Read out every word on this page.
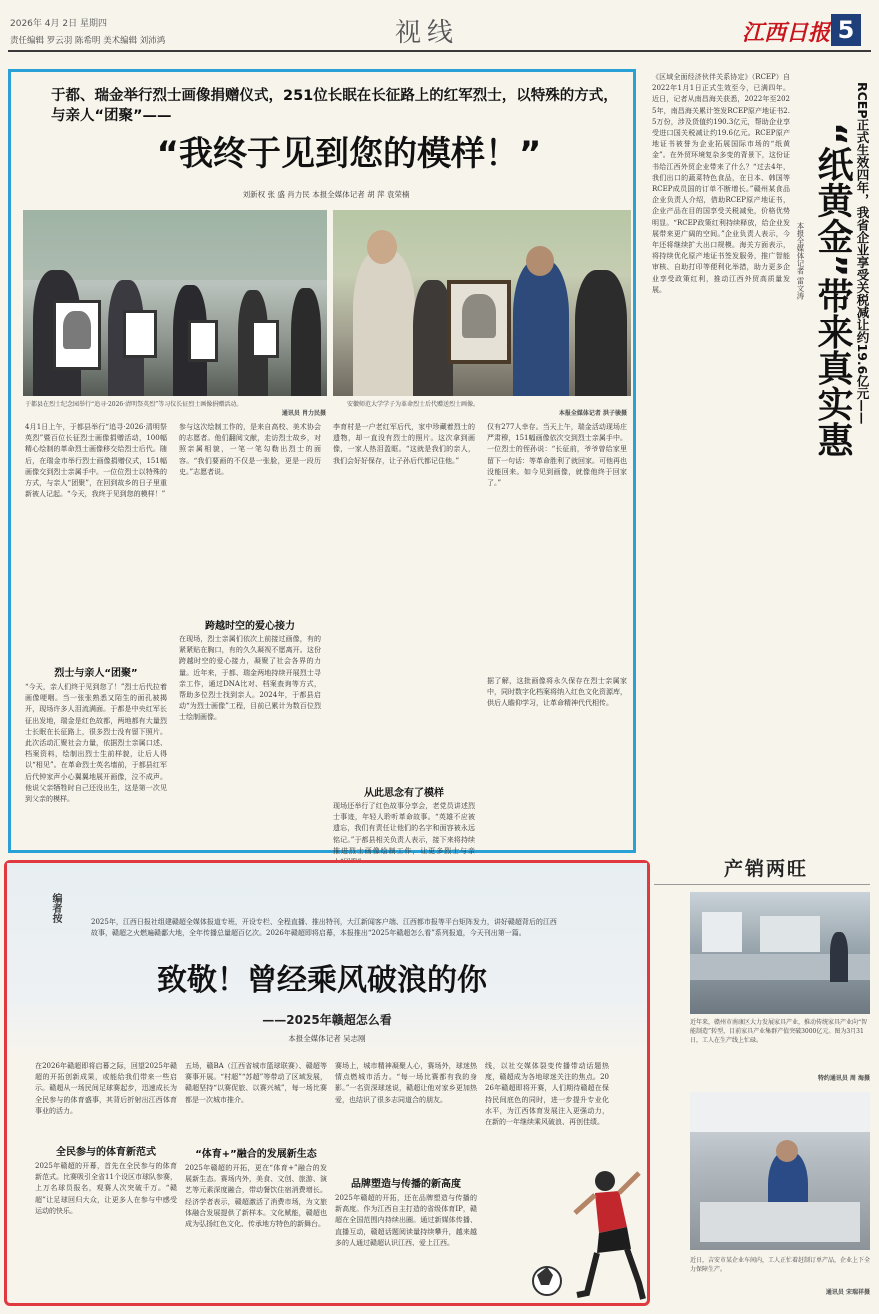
2026年 4月 2日 星期四
责任编辑 罗云羽 陈希明 美术编辑 刘沛鸿	视线	江西日报 5
于都、瑞金举行烈士画像捐赠仪式，251位长眠在长征路上的红军烈士，以特殊的方式，与亲人“团聚”——
“我终于见到您的模样！”
刘新权 张 盛 肖力民 本报全媒体记者 胡 萍 袁荣楠
于都县在烈士纪念园举行“追寻·2026·清明祭英烈”等习仪长征烈士画像捐赠活动。
通讯员 肖力民摄
安徽师范大学学子为革命烈士后代赠送烈士画像。
本报全媒体记者 洪子骏摄
4月1日上午，于都县举行“追寻·2026·清明祭英烈”暨百位长征烈士画像捐赠活动，100幅精心绘制的革命烈士画像移交给烈士后代。随后，在瑞金市举行烈士画像捐赠仪式，151幅画像交到烈士亲属手中。一位位烈士以特殊的方式，与亲人“团聚”，在回到故乡的日子里重新被人记起。“今天，我终于见到您的模样！”
烈士与亲人“团聚”
“今天，亲人们终于见到您了！”烈士后代拉着画像哽咽。当一张张熟悉又陌生的面孔被揭开，现场许多人泪流满面。于都是中央红军长征出发地，瑞金是红色故都，两地都有大量烈士长眠在长征路上，很多烈士没有留下照片。此次活动汇聚社会力量，依据烈士亲属口述、档案资料，绘制出烈士生前样貌，让后人得以“相见”。在革命烈士英名墙前，于都县红军后代钟家声小心翼翼地展开画像，泣不成声。他说父亲牺牲时自己还没出生，这是第一次见到父亲的模样。
参与这次绘制工作的，是来自高校、美术协会的志愿者。他们翻阅文献，走访烈士故乡，对照亲属相貌，一笔一笔勾勒出烈士的面容。“我们要画的不仅是一张脸，更是一段历史。”志愿者说。
跨越时空的爱心接力
在现场，烈士亲属们依次上前接过画像，有的紧紧贴在胸口，有的久久凝视不愿离开。这份跨越时空的爱心接力，凝聚了社会各界的力量。近年来，于都、瑞金两地持续开展烈士寻亲工作，通过DNA比对、档案查询等方式，帮助多位烈士找到亲人。2024年，于都县启动“为烈士画像”工程，目前已累计为数百位烈士绘制画像。
李育村是一户老红军后代，家中珍藏着烈士的遗物，却一直没有烈士的照片。这次拿到画像，一家人热泪盈眶。“这就是我们的亲人，我们会好好保存，让子孙后代都记住他。”
从此思念有了模样
现场还举行了红色故事分享会，老党员讲述烈士事迹，年轻人聆听革命故事。“英雄不应被遗忘，我们有责任让他们的名字和面容被永远铭记。”于都县相关负责人表示，接下来将持续推进烈士画像绘制工作，让更多烈士与亲
仅有277人幸存。当天上午，瑞金活动现场庄严肃穆，151幅画像依次交到烈士亲属手中。一位烈士的侄孙说：“长征前，爷爷曾给家里留下一句话：等革命胜利了就回家。可他再也没能回来。如今见到画像，就像他终于回家了。”
据了解，这批画像将永久保存在烈士亲属家中，同时数字化档案将纳入红色文化资源库，供后人瞻仰学习，让革命精神代代相传。
RCEP正式生效四年，我省企业享受关税减让约19.6亿元——
“纸黄金”带来真实惠
本报全媒体记者 雷文涛
《区域全面经济伙伴关系协定》（RCEP）自2022年1月1日正式生效至今，已满四年。近日，记者从南昌海关获悉，2022年至2025年，南昌海关累计签发RCEP原产地证书2.5万份，涉及货值约190.3亿元，帮助企业享受进口国关税减让约19.6亿元。RCEP原产地证书被誉为企业拓展国际市场的“纸黄金”。在外贸环境复杂多变的背景下，这份证书给江西外贸企业带来了什么？“过去4年，我们出口的蔬菜特色食品，在日本、韩国等RCEP成员国的订单不断增长。”赣州某食品企业负责人介绍，借助RCEP原产地证书，企业产品在目的国享受关税减免，价格优势明显。“RCEP政策红利持续释放，给企业发展带来更广阔的空间。”企业负责人表示，今年还将继续扩大出口规模。海关方面表示，将持续优化原产地证书签发服务，推广智能审核、自助打印等便利化举措，助力更多企业享受政策红利，推动江西外贸高质量发展。
产销两旺
近年来，赣州市南康区大力发展家具产业，推动传统家具产业向“智能制造”转型，目前家具产业集群产值突破3000亿元。图为3月31日，工人在生产线上忙碌。
特约通讯员 周 海摄
近日，吉安市某企业车间内，工人正忙着赶制订单产品，企业上下全力保障生产。
通讯员 宋瑞祥摄
编者按	2025年，江西日报社组建赣超全媒体报道专班，开设专栏、全程直播、推出特刊，大江新闻客户端、江西都市报等平台矩阵发力，讲好赣超背后的江西故事，赣超之火燃遍赣鄱大地，全年传播总量超百亿次。2026年赣超即将启幕，本报推出“2025年赣超怎么看”系列报道，今天刊出第一篇。
致敬！曾经乘风破浪的你
——2025年赣超怎么看
本报全媒体记者 吴志刚
在2026年赣超即将启幕之际，回望2025年赣超的开拓创新成果，或能给我们带来一些启示。赣超从一场民间足球赛起步，迅速成长为全民参与的体育盛事，其背后折射出江西体育事业的活力。
全民参与的体育新范式
2025年赣超的开幕，首先在全民参与的体育新范式。比赛吸引全省11个设区市球队参赛，上万名球员报名，观赛人次突破千万。“赣超”让足球回归大众，让更多人在参与中感受运动的快乐。
五场，赣BA（江西省城市篮球联赛）、赣超等赛事开展。“村超”“苏超”等带动了区域发展，赣超坚持“以赛促旅、以赛兴城”，每一场比赛都是一次城市推介。
“体育+”融合的发展新生态
2025年赣超的开拓，更在“体育+”融合的发展新生态。赛场内外，美食、文创、旅游、演艺等元素深度融合，带动餐饮住宿消费增长。经济学者表示，赣超激活了消费市场，为文旅体融合发展提供了新样本。文化赋能，赣超也成为弘扬红色文化、传承地方特色的新舞台。
赛场上，城市精神凝聚人心，赛场外，球迷热情点燃城市活力。“每一场比赛都有我的身影。”一名资深球迷说，赣超让他对家乡更加热爱，也结识了很多志同道合的朋友。
品牌塑造与传播的新高度
2025年赣超的开拓，还在品牌塑造与传播的新高度。作为江西自主打造的省级体育IP，赣超在全国范围内持续出圈。通过新媒体传播、直播互动，赣超话题阅读量持续攀升，越来越多的人通过赣超认识江西、爱上江西。
线，以社交媒体裂变传播带动话题热度，赣超成为各地球迷关注的焦点。2026年赣超即将开赛，人们期待赣超在保持民间底色的同时，进一步提升专业化水平，为江西体育发展注入更强动力，在新的一年继续乘风破浪、再创佳绩。
